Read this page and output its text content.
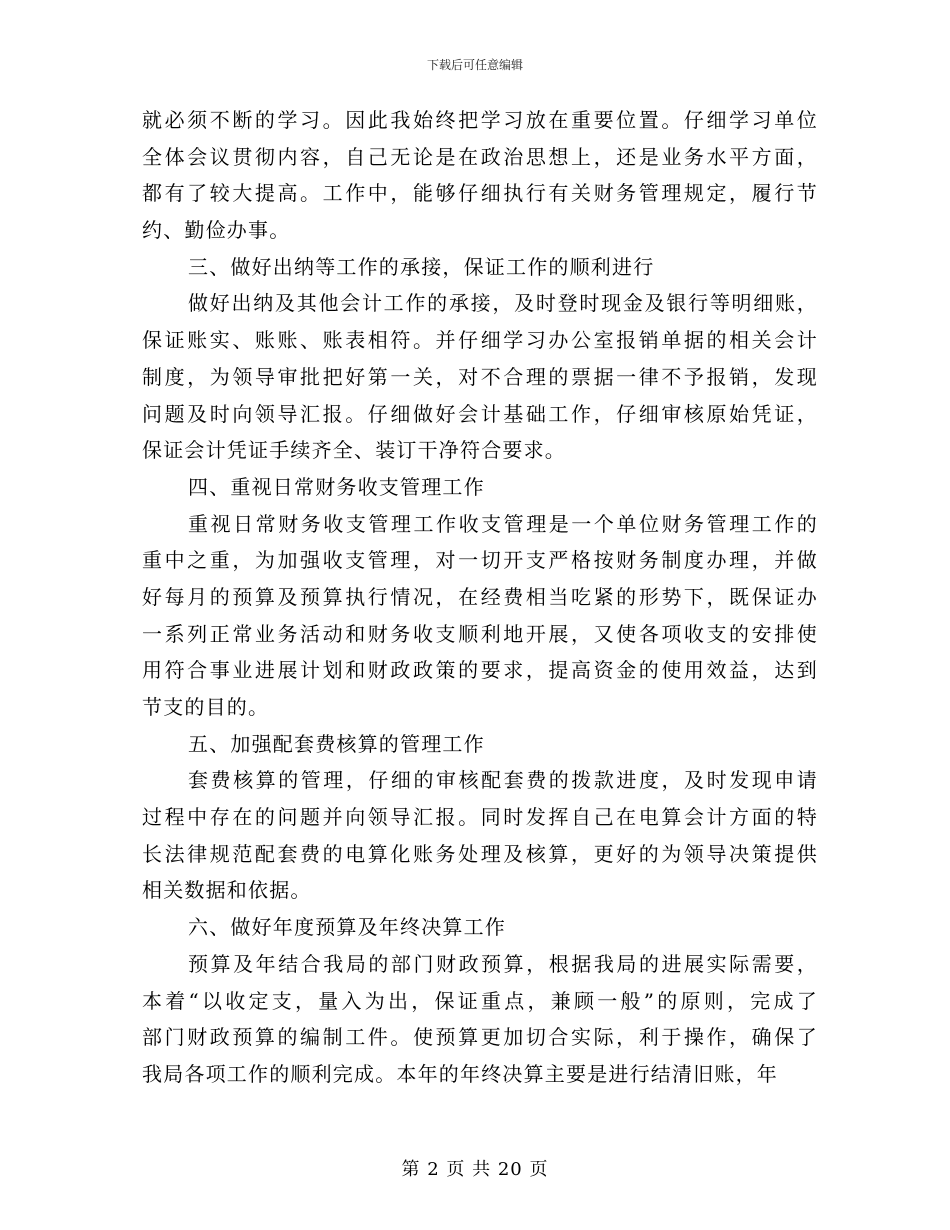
下载后可任意编辑
就必须不断的学习。因此我始终把学习放在重要位置。仔细学习单位
全体会议贯彻内容，自己无论是在政治思想上，还是业务水平方面，
都有了较大提高。工作中，能够仔细执行有关财务管理规定，履行节
约、勤俭办事。
三、做好出纳等工作的承接，保证工作的顺利进行
做好出纳及其他会计工作的承接，及时登时现金及银行等明细账，
保证账实、账账、账表相符。并仔细学习办公室报销单据的相关会计
制度，为领导审批把好第一关，对不合理的票据一律不予报销，发现
问题及时向领导汇报。仔细做好会计基础工作，仔细审核原始凭证，
保证会计凭证手续齐全、装订干净符合要求。
四、重视日常财务收支管理工作
重视日常财务收支管理工作收支管理是一个单位财务管理工作的
重中之重，为加强收支管理，对一切开支严格按财务制度办理，并做
好每月的预算及预算执行情况，在经费相当吃紧的形势下，既保证办
一系列正常业务活动和财务收支顺利地开展，又使各项收支的安排使
用符合事业进展计划和财政政策的要求，提高资金的使用效益，达到
节支的目的。
五、加强配套费核算的管理工作
套费核算的管理，仔细的审核配套费的拨款进度，及时发现申请
过程中存在的问题并向领导汇报。同时发挥自己在电算会计方面的特
长法律规范配套费的电算化账务处理及核算，更好的为领导决策提供
相关数据和依据。
六、做好年度预算及年终决算工作
预算及年结合我局的部门财政预算，根据我局的进展实际需要，
本着“以收定支，量入为出，保证重点，兼顾一般”的原则，完成了
部门财政预算的编制工件。使预算更加切合实际，利于操作，确保了
我局各项工作的顺利完成。本年的年终决算主要是进行结清旧账，年
第 2 页 共 20 页
